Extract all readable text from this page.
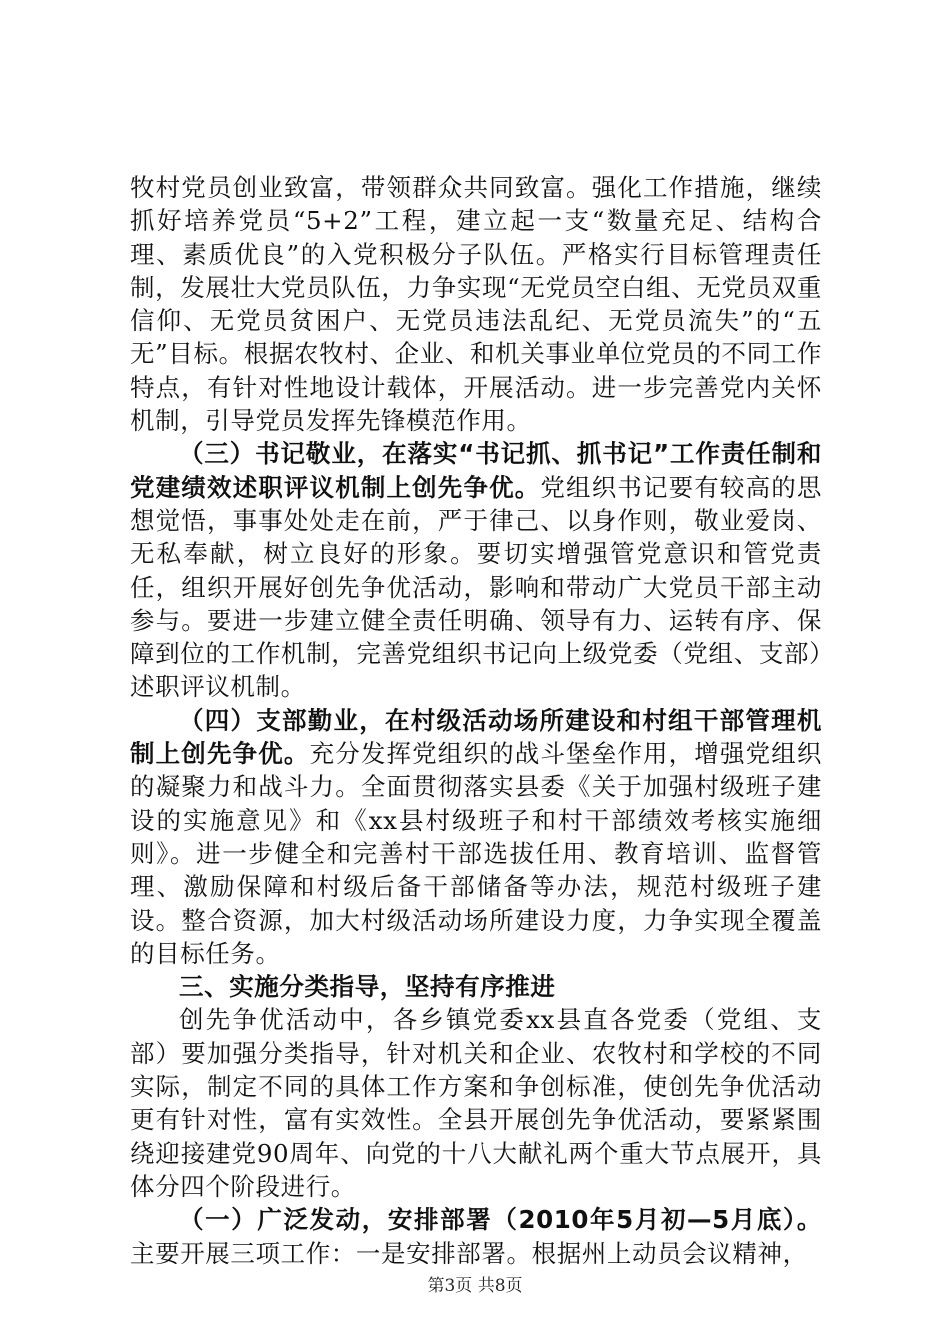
牧村党员创业致富，带领群众共同致富。强化工作措施，继续抓好培养党员“5+2”工程，建立起一支“数量充足、结构合理、素质优良”的入党积极分子队伍。严格实行目标管理责任制，发展壮大党员队伍，力争实现“无党员空白组、无党员双重信仰、无党员贫困户、无党员违法乱纪、无党员流失”的“五无”目标。根据农牧村、企业、和机关事业单位党员的不同工作特点，有针对性地设计载体，开展活动。进一步完善党内关怀机制，引导党员发挥先锋模范作用。

（三）书记敬业，在落实“书记抓、抓书记”工作责任制和党建绩效述职评议机制上创先争优。党组织书记要有较高的思想觉悟，事事处处走在前，严于律己、以身作则，敬业爱岗、无私奉献，树立良好的形象。要切实增强管党意识和管党责任，组织开展好创先争优活动，影响和带动广大党员干部主动参与。要进一步建立健全责任明确、领导有力、运转有序、保障到位的工作机制，完善党组织书记向上级党委（党组、支部）述职评议机制。

（四）支部勤业，在村级活动场所建设和村组干部管理机制上创先争优。充分发挥党组织的战斗堡垒作用，增强党组织的凝聚力和战斗力。全面贯彻落实县委《关于加强村级班子建设的实施意见》和《xx县村级班子和村干部绩效考核实施细则》。进一步健全和完善村干部选拔任用、教育培训、监督管理、激励保障和村级后备干部储备等办法，规范村级班子建设。整合资源，加大村级活动场所建设力度，力争实现全覆盖的目标任务。

三、实施分类指导，坚持有序推进

创先争优活动中，各乡镇党委xx县直各党委（党组、支部）要加强分类指导，针对机关和企业、农牧村和学校的不同实际，制定不同的具体工作方案和争创标准，使创先争优活动更有针对性，富有实效性。全县开展创先争优活动，要紧紧围绕迎接建党90周年、向党的十八大献礼两个重大节点展开，具体分四个阶段进行。

（一）广泛发动，安排部署（2010年5月初—5月底）。主要开展三项工作：一是安排部署。根据州上动员会议精神，

第3页 共8页
